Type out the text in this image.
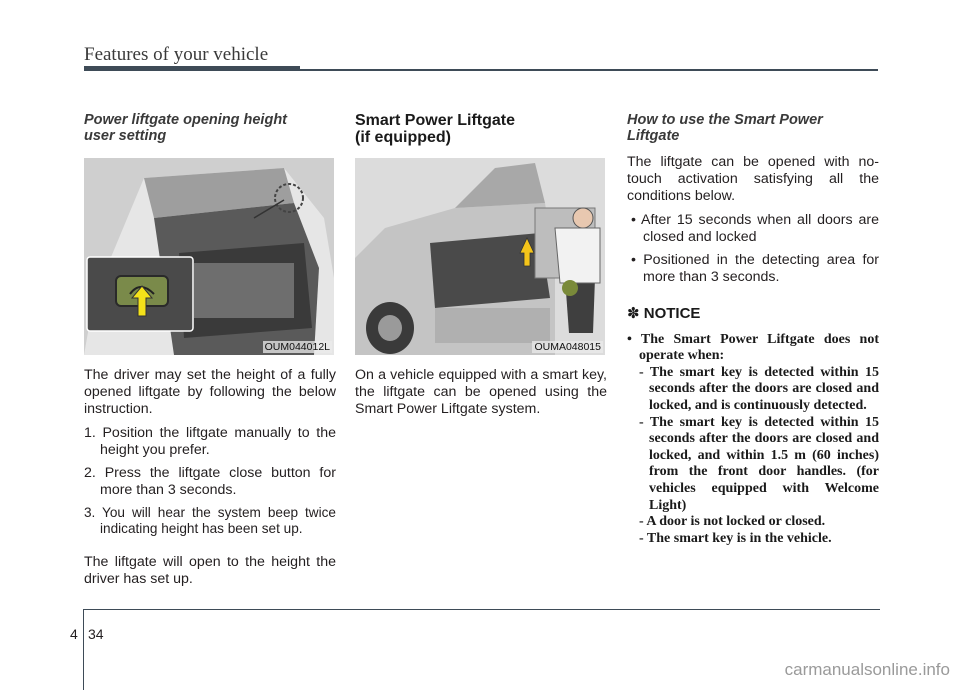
Features of your vehicle
Power liftgate opening height
user setting
OUM044012L
The driver may set the height of a fully opened liftgate by following the below instruction.
1. Position the liftgate manually to the height you prefer.
2. Press the liftgate close button for more than 3 seconds.
3. You will hear the system beep twice indicating height has been set up.
The liftgate will open to the height the driver has set up.
Smart Power Liftgate
(if equipped)
OUMA048015
On a vehicle equipped with a smart key, the liftgate can be opened using the Smart Power Liftgate system.
How to use the Smart Power
Liftgate
The liftgate can be opened with no-touch activation satisfying all the conditions below.
• After 15 seconds when all doors are closed and locked
• Positioned in the detecting area for more than 3 seconds.
✽ NOTICE
• The Smart Power Liftgate does not operate when:
- The smart key is detected within 15 seconds after the doors are closed and locked, and is continuously detected.
- The smart key is detected within 15 seconds after the doors are closed and locked, and within 1.5 m (60 inches) from the front door handles. (for vehicles equipped with Welcome Light)
- A door is not locked or closed.
- The smart key is in the vehicle.
4 34
carmanualsonline.info
